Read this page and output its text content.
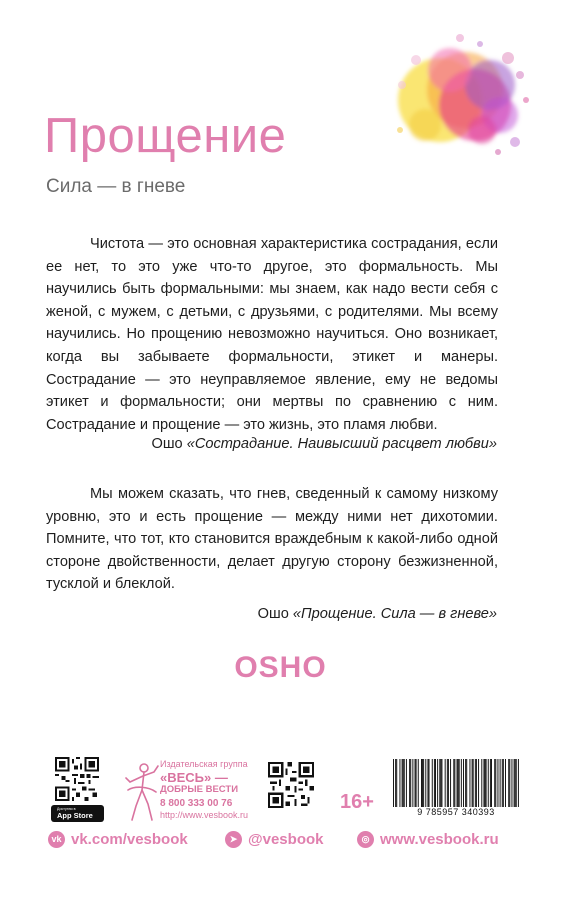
Прощение
Сила — в гневе

Чистота — это основная характеристика сострадания, если ее нет, то это уже что-то другое, это формальность. Мы научились быть формальными: мы знаем, как надо вести себя с женой, с мужем, с детьми, с друзьями, с родителями. Мы всему научились. Но прощению невозможно научиться. Оно возникает, когда вы забываете формальности, этикет и манеры. Сострадание — это неуправляемое явление, ему не ведомы этикет и формальности; они мертвы по сравнению с ним. Сострадание и прощение — это жизнь, это пламя любви.

Ошо «Сострадание. Наивысший расцвет любви»

Мы можем сказать, что гнев, сведенный к самому низкому уровню, это и есть прощение — между ними нет дихотомии. Помните, что тот, кто становится враждебным к какой-либо одной стороне двойственности, делает другую сторону безжизненной, тусклой и блеклой.

Ошо «Прощение. Сила — в гневе»
OSHO
Доступно в
App Store
Издательская группа
«ВЕСЬ» —
ДОБРЫЕ ВЕСТИ
8 800 333 00 76
http://www.vesbook.ru
16+	9 785957 340393
vk vk.com/vesbook	➤ @vesbook	◎ www.vesbook.ru
